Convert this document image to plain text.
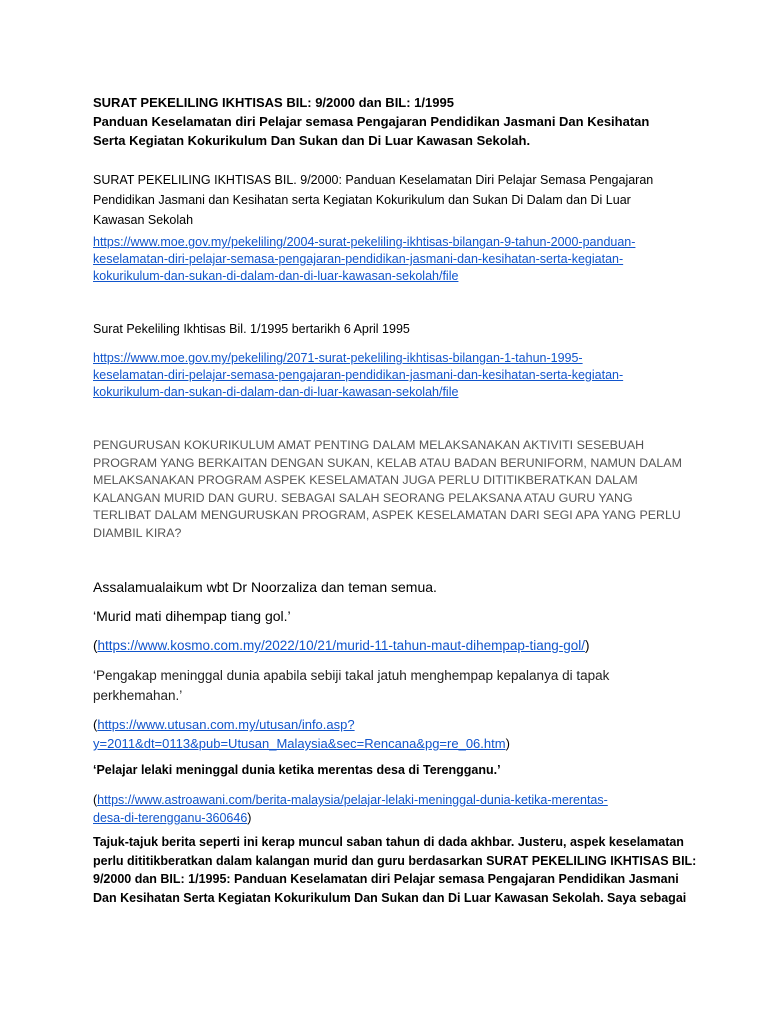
SURAT PEKELILING IKHTISAS BIL: 9/2000 dan BIL: 1/1995
Panduan Keselamatan diri Pelajar semasa Pengajaran Pendidikan Jasmani Dan Kesihatan
Serta Kegiatan Kokurikulum Dan Sukan dan Di Luar Kawasan Sekolah.
SURAT PEKELILING IKHTISAS BIL. 9/2000: Panduan Keselamatan Diri Pelajar Semasa Pengajaran
Pendidikan Jasmani dan Kesihatan serta Kegiatan Kokurikulum dan Sukan Di Dalam dan Di Luar
Kawasan Sekolah
https://www.moe.gov.my/pekeliling/2004-surat-pekeliling-ikhtisas-bilangan-9-tahun-2000-panduan-
keselamatan-diri-pelajar-semasa-pengajaran-pendidikan-jasmani-dan-kesihatan-serta-kegiatan-
kokurikulum-dan-sukan-di-dalam-dan-di-luar-kawasan-sekolah/file
Surat Pekeliling Ikhtisas Bil. 1/1995 bertarikh 6 April 1995
https://www.moe.gov.my/pekeliling/2071-surat-pekeliling-ikhtisas-bilangan-1-tahun-1995-
keselamatan-diri-pelajar-semasa-pengajaran-pendidikan-jasmani-dan-kesihatan-serta-kegiatan-
kokurikulum-dan-sukan-di-dalam-dan-di-luar-kawasan-sekolah/file
PENGURUSAN KOKURIKULUM AMAT PENTING DALAM MELAKSANAKAN AKTIVITI SESEBUAH
PROGRAM YANG BERKAITAN DENGAN SUKAN, KELAB ATAU BADAN BERUNIFORM, NAMUN DALAM
MELAKSANAKAN PROGRAM ASPEK KESELAMATAN JUGA PERLU DITITIKBERATKAN DALAM
KALANGAN MURID DAN GURU. SEBAGAI SALAH SEORANG PELAKSANA ATAU GURU YANG
TERLIBAT DALAM MENGURUSKAN PROGRAM, ASPEK KESELAMATAN DARI SEGI APA YANG PERLU
DIAMBIL KIRA?
Assalamualaikum wbt Dr Noorzaliza dan teman semua.
‘Murid mati dihempap tiang gol.’
(https://www.kosmo.com.my/2022/10/21/murid-11-tahun-maut-dihempap-tiang-gol/)
‘Pengakap meninggal dunia apabila sebiji takal jatuh menghempap kepalanya di tapak
perkhemahan.’
(https://www.utusan.com.my/utusan/info.asp?
y=2011&dt=0113&pub=Utusan_Malaysia&sec=Rencana&pg=re_06.htm)
‘Pelajar lelaki meninggal dunia ketika merentas desa di Terengganu.’
(https://www.astroawani.com/berita-malaysia/pelajar-lelaki-meninggal-dunia-ketika-merentas-
desa-di-terengganu-360646)
Tajuk-tajuk berita seperti ini kerap muncul saban tahun di dada akhbar. Justeru, aspek keselamatan
perlu dititikberatkan dalam kalangan murid dan guru berdasarkan SURAT PEKELILING IKHTISAS BIL:
9/2000 dan BIL: 1/1995: Panduan Keselamatan diri Pelajar semasa Pengajaran Pendidikan Jasmani
Dan Kesihatan Serta Kegiatan Kokurikulum Dan Sukan dan Di Luar Kawasan Sekolah. Saya sebagai
